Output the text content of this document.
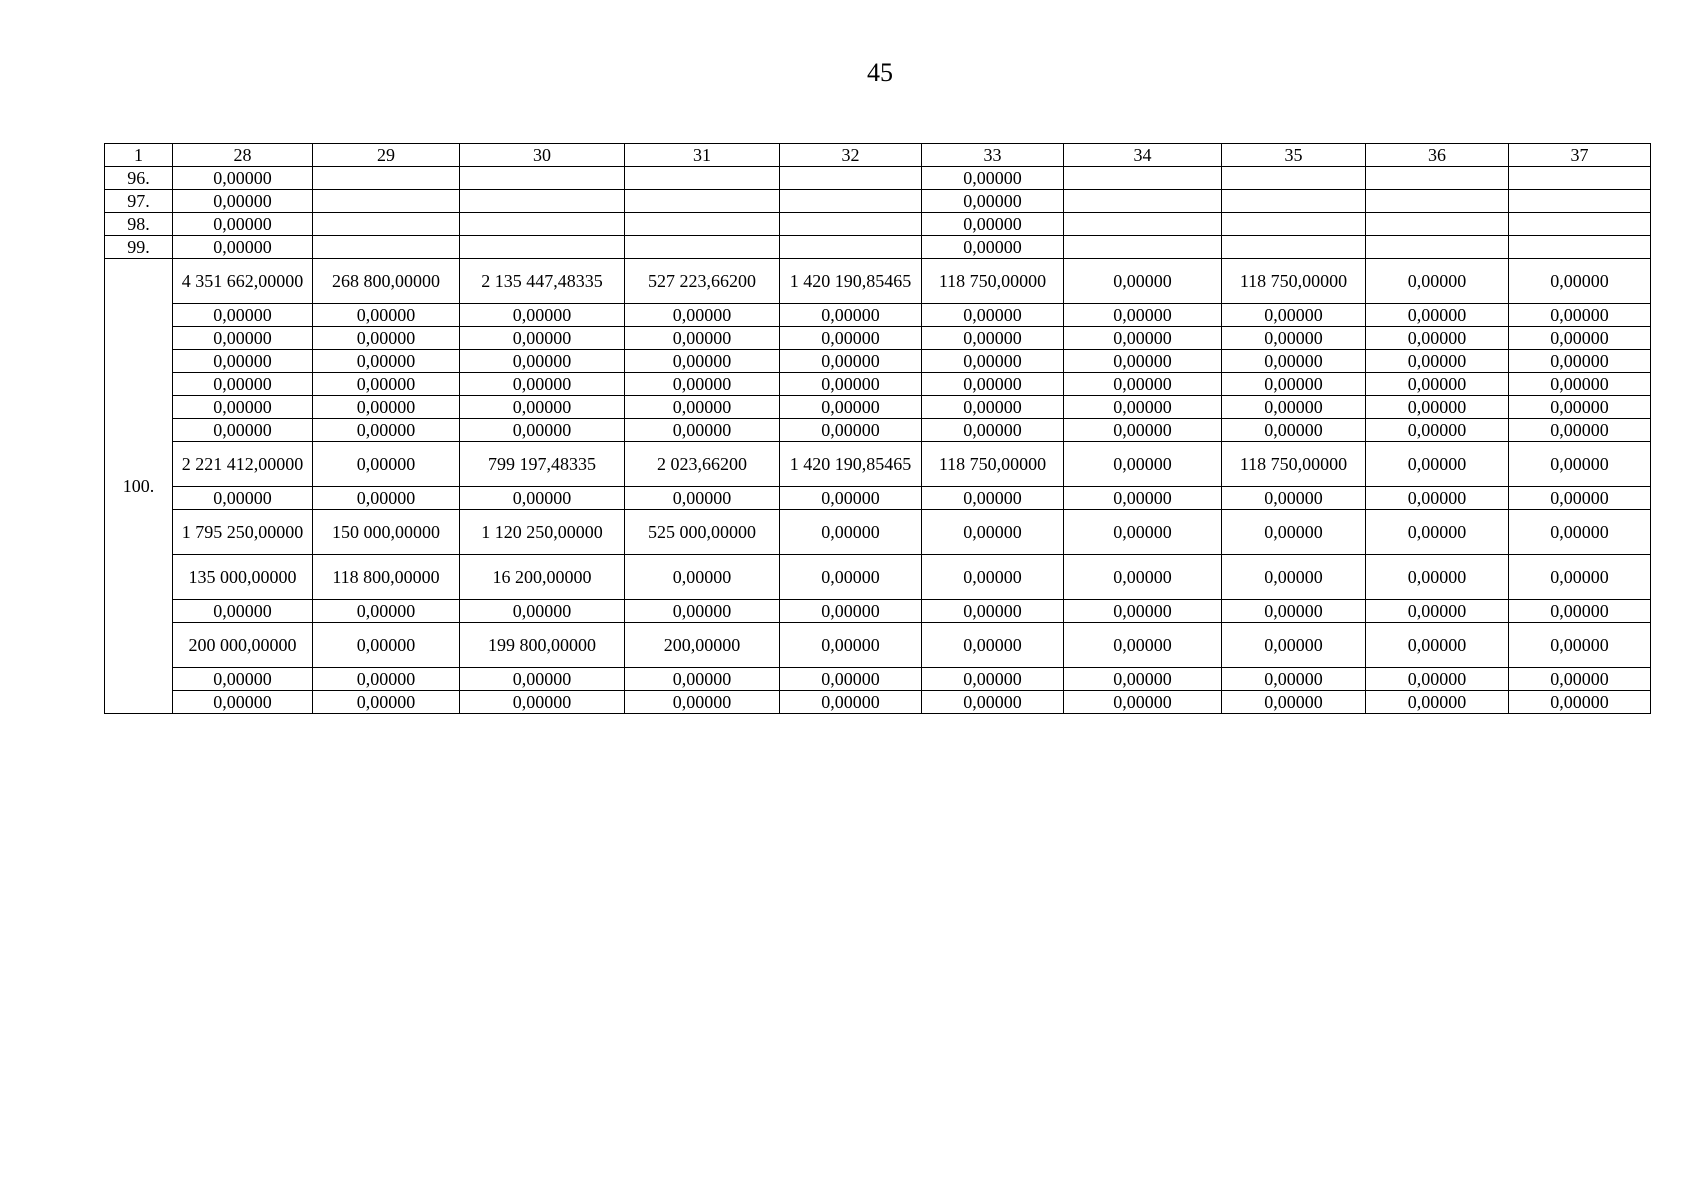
45
1	28	29	30	31	32	33	34	35	36	37
96.	0,00000					0,00000				
97.	0,00000					0,00000				
98.	0,00000					0,00000				
99.	0,00000					0,00000				
100.	4 351 662,00000	268 800,00000	2 135 447,48335	527 223,66200	1 420 190,85465	118 750,00000	0,00000	118 750,00000	0,00000	0,00000
	0,00000	0,00000	0,00000	0,00000	0,00000	0,00000	0,00000	0,00000	0,00000	0,00000
	0,00000	0,00000	0,00000	0,00000	0,00000	0,00000	0,00000	0,00000	0,00000	0,00000
	0,00000	0,00000	0,00000	0,00000	0,00000	0,00000	0,00000	0,00000	0,00000	0,00000
	0,00000	0,00000	0,00000	0,00000	0,00000	0,00000	0,00000	0,00000	0,00000	0,00000
	0,00000	0,00000	0,00000	0,00000	0,00000	0,00000	0,00000	0,00000	0,00000	0,00000
	0,00000	0,00000	0,00000	0,00000	0,00000	0,00000	0,00000	0,00000	0,00000	0,00000
	2 221 412,00000	0,00000	799 197,48335	2 023,66200	1 420 190,85465	118 750,00000	0,00000	118 750,00000	0,00000	0,00000
	0,00000	0,00000	0,00000	0,00000	0,00000	0,00000	0,00000	0,00000	0,00000	0,00000
	1 795 250,00000	150 000,00000	1 120 250,00000	525 000,00000	0,00000	0,00000	0,00000	0,00000	0,00000	0,00000
	135 000,00000	118 800,00000	16 200,00000	0,00000	0,00000	0,00000	0,00000	0,00000	0,00000	0,00000
	0,00000	0,00000	0,00000	0,00000	0,00000	0,00000	0,00000	0,00000	0,00000	0,00000
	200 000,00000	0,00000	199 800,00000	200,00000	0,00000	0,00000	0,00000	0,00000	0,00000	0,00000
	0,00000	0,00000	0,00000	0,00000	0,00000	0,00000	0,00000	0,00000	0,00000	0,00000
	0,00000	0,00000	0,00000	0,00000	0,00000	0,00000	0,00000	0,00000	0,00000	0,00000
